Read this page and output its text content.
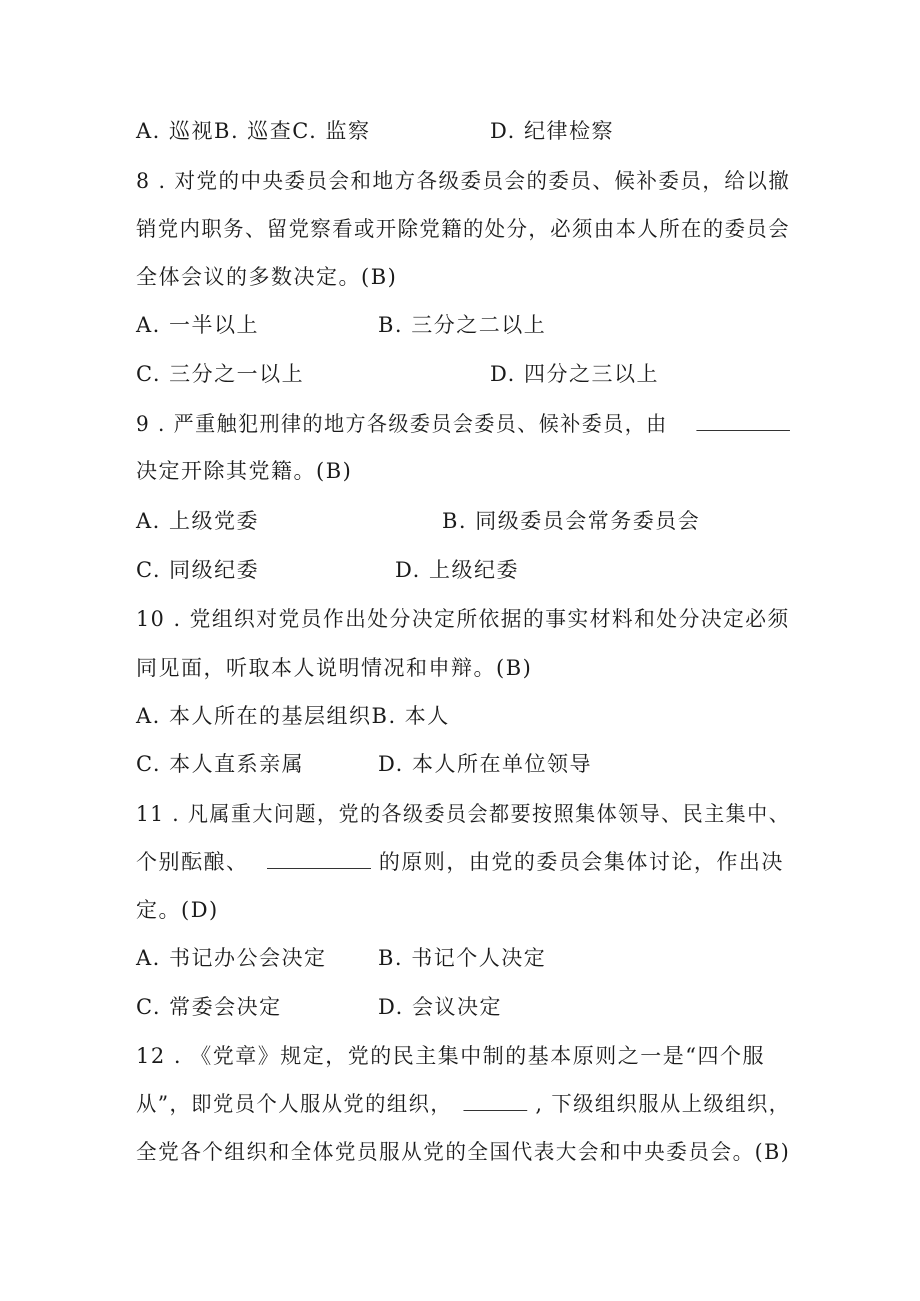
A. 巡视B. 巡查C. 监察	D. 纪律检察
8 . 对党的中央委员会和地方各级委员会的委员、候补委员，给以撤
销党内职务、留党察看或开除党籍的处分，必须由本人所在的委员会
全体会议的多数决定。(B)
A. 一半以上	B. 三分之二以上
C. 三分之一以上	D. 四分之三以上
9 . 严重触犯刑律的地方各级委员会委员、候补委员，由
决定开除其党籍。(B)
A. 上级党委	B. 同级委员会常务委员会
C. 同级纪委	D. 上级纪委
10 . 党组织对党员作出处分决定所依据的事实材料和处分决定必须
同见面，听取本人说明情况和申辩。(B)
A. 本人所在的基层组织B. 本人
C. 本人直系亲属	D. 本人所在单位领导
11 . 凡属重大问题，党的各级委员会都要按照集体领导、民主集中、
个别酝酿、	的原则，由党的委员会集体讨论，作出决
定。(D)
A. 书记办公会决定 B. 书记个人决定
C. 常委会决定	D. 会议决定
12 . 《党章》规定，党的民主集中制的基本原则之一是“四个服
从”，即党员个人服从党的组织，	, 下级组织服从上级组织，
全党各个组织和全体党员服从党的全国代表大会和中央委员会。(B)
